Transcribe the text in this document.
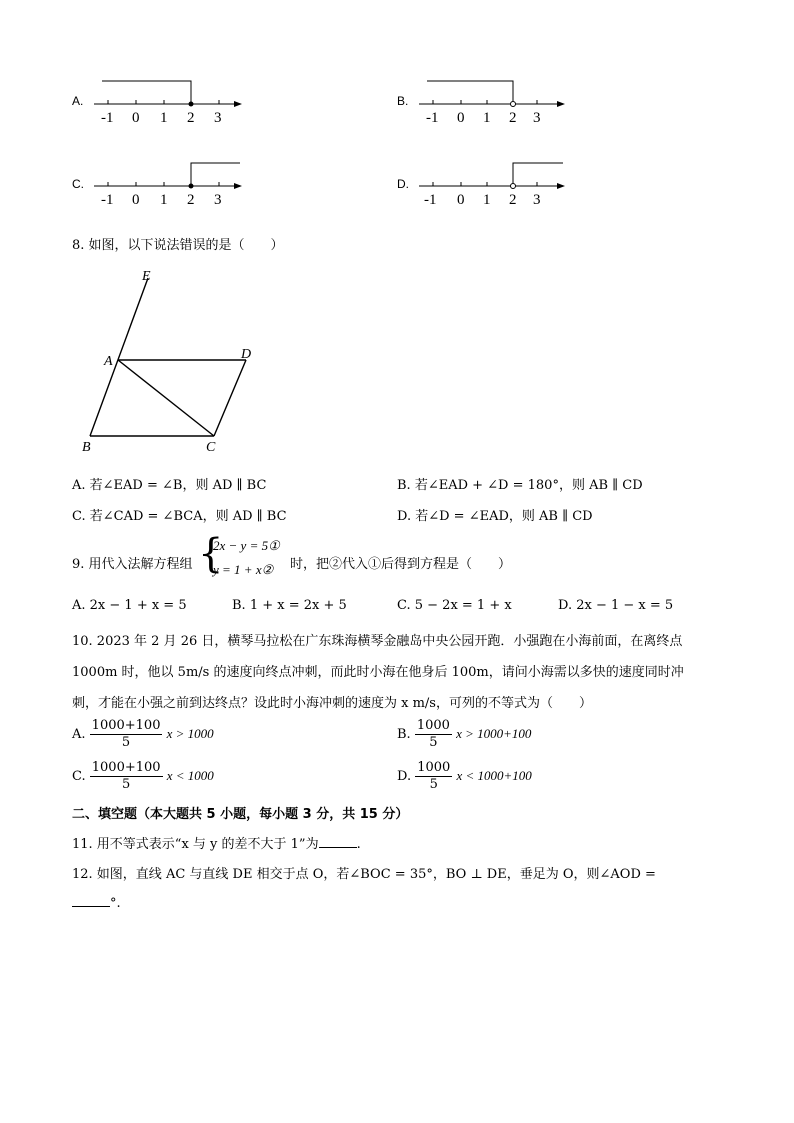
A.
-1 0 1 2 3
B.
-1 0 1 2 3
C.
-1 0 1 2 3
D.
-1 0 1 2 3
8. 如图，以下说法错误的是（　　）
E
A	D
B	C
A. 若∠EAD = ∠B，则 AD ∥ BC	B. 若∠EAD + ∠D = 180°，则 AB ∥ CD
C. 若∠CAD = ∠BCA，则 AD ∥ BC	D. 若∠D = ∠EAD，则 AB ∥ CD
9. 用代入法解方程组 {
2x − y = 5①
y = 1 + x② 时，把②代入①后得到方程是（　　）
A. 2x − 1 + x = 5	B. 1 + x = 2x + 5	C. 5 − 2x = 1 + x	D. 2x − 1 − x = 5
10. 2023 年 2 月 26 日，横琴马拉松在广东珠海横琴金融岛中央公园开跑．小强跑在小海前面，在离终点
1000m 时，他以 5m/s 的速度向终点冲刺，而此时小海在他身后 100m，请问小海需以多快的速度同时冲
刺，才能在小强之前到达终点？设此时小海冲刺的速度为 x m/s，可列的不等式为（　　）
A. $\frac{1000+100}{5}$ x > 1000	B. $\frac{1000}{5}$ x > 1000+100
C. $\frac{1000+100}{5}$ x < 1000	D. $\frac{1000}{5}$ x < 1000+100
二、填空题（本大题共 5 小题，每小题 3 分，共 15 分）
11. 用不等式表示“x 与 y 的差不大于 1”为	.
12. 如图，直线 AC 与直线 DE 相交于点 O，若∠BOC = 35°，BO ⊥ DE，垂足为 O，则∠AOD =
°.
